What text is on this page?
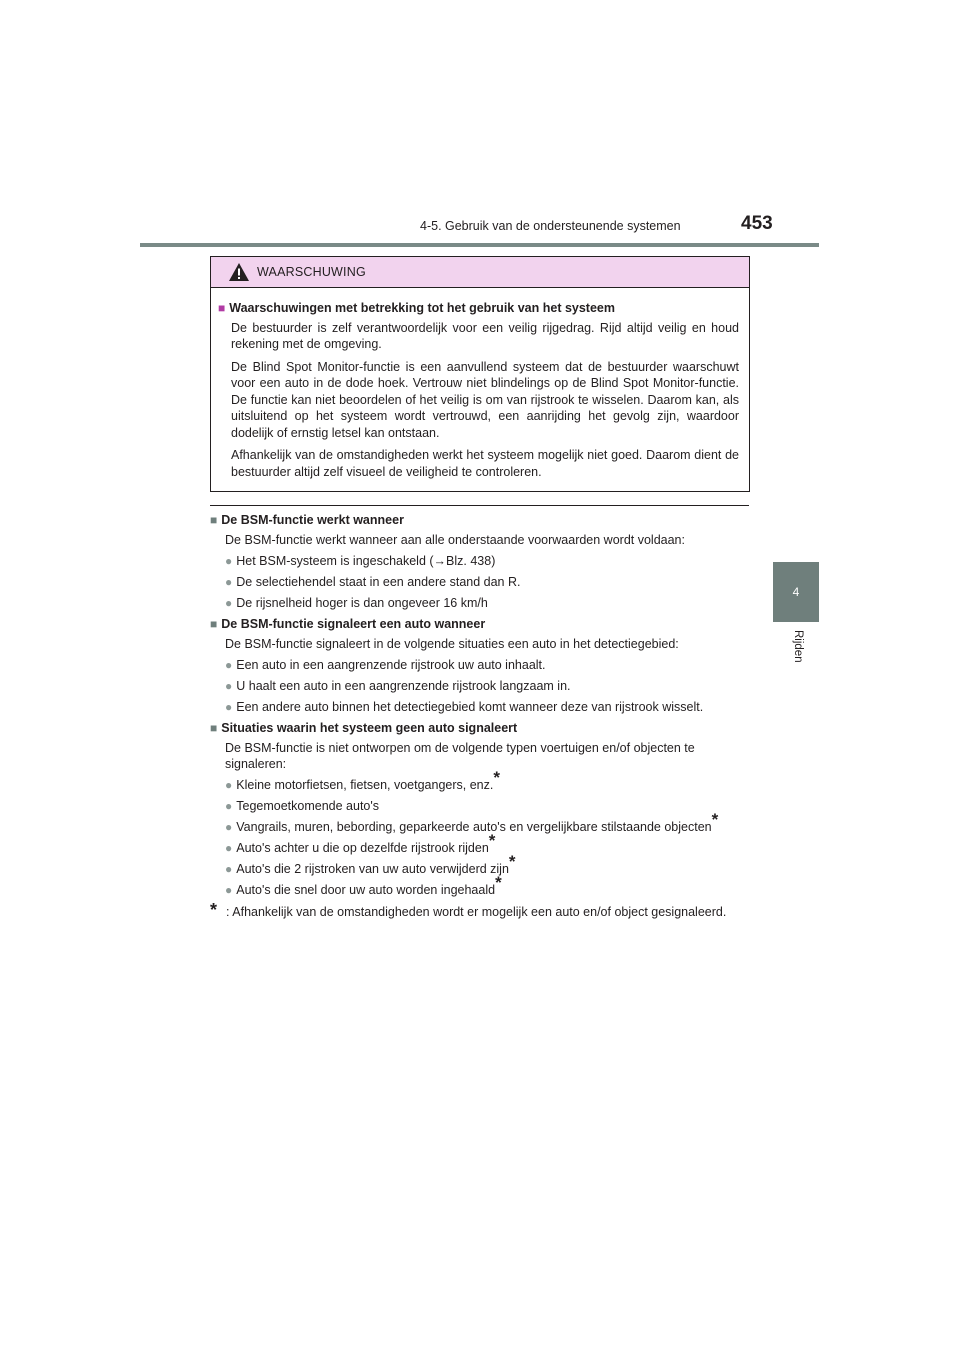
4-5. Gebruik van de ondersteunende systemen	453
4
Rijden
WAARSCHUWING
■ Waarschuwingen met betrekking tot het gebruik van het systeem

De bestuurder is zelf verantwoordelijk voor een veilig rijgedrag. Rijd altijd veilig en houd rekening met de omgeving.

De Blind Spot Monitor-functie is een aanvullend systeem dat de bestuurder waarschuwt voor een auto in de dode hoek. Vertrouw niet blindelings op de Blind Spot Monitor-functie. De functie kan niet beoordelen of het veilig is om van rijstrook te wisselen. Daarom kan, als uitsluitend op het systeem wordt vertrouwd, een aanrijding het gevolg zijn, waardoor dodelijk of ernstig letsel kan ontstaan.

Afhankelijk van de omstandigheden werkt het systeem mogelijk niet goed. Daarom dient de bestuurder altijd zelf visueel de veiligheid te controleren.

■ De BSM-functie werkt wanneer
De BSM-functie werkt wanneer aan alle onderstaande voorwaarden wordt voldaan:
● Het BSM-systeem is ingeschakeld (→Blz. 438)
● De selectiehendel staat in een andere stand dan R.
● De rijsnelheid hoger is dan ongeveer 16 km/h
■ De BSM-functie signaleert een auto wanneer
De BSM-functie signaleert in de volgende situaties een auto in het detectiegebied:
● Een auto in een aangrenzende rijstrook uw auto inhaalt.
● U haalt een auto in een aangrenzende rijstrook langzaam in.
● Een andere auto binnen het detectiegebied komt wanneer deze van rijstrook wisselt.
■ Situaties waarin het systeem geen auto signaleert
De BSM-functie is niet ontworpen om de volgende typen voertuigen en/of objecten te signaleren:
● Kleine motorfietsen, fietsen, voetgangers, enz.*
● Tegemoetkomende auto's
● Vangrails, muren, bebording, geparkeerde auto's en vergelijkbare stilstaande objecten*
● Auto's achter u die op dezelfde rijstrook rijden*
● Auto's die 2 rijstroken van uw auto verwijderd zijn*
● Auto's die snel door uw auto worden ingehaald*
* : Afhankelijk van de omstandigheden wordt er mogelijk een auto en/of object gesignaleerd.
